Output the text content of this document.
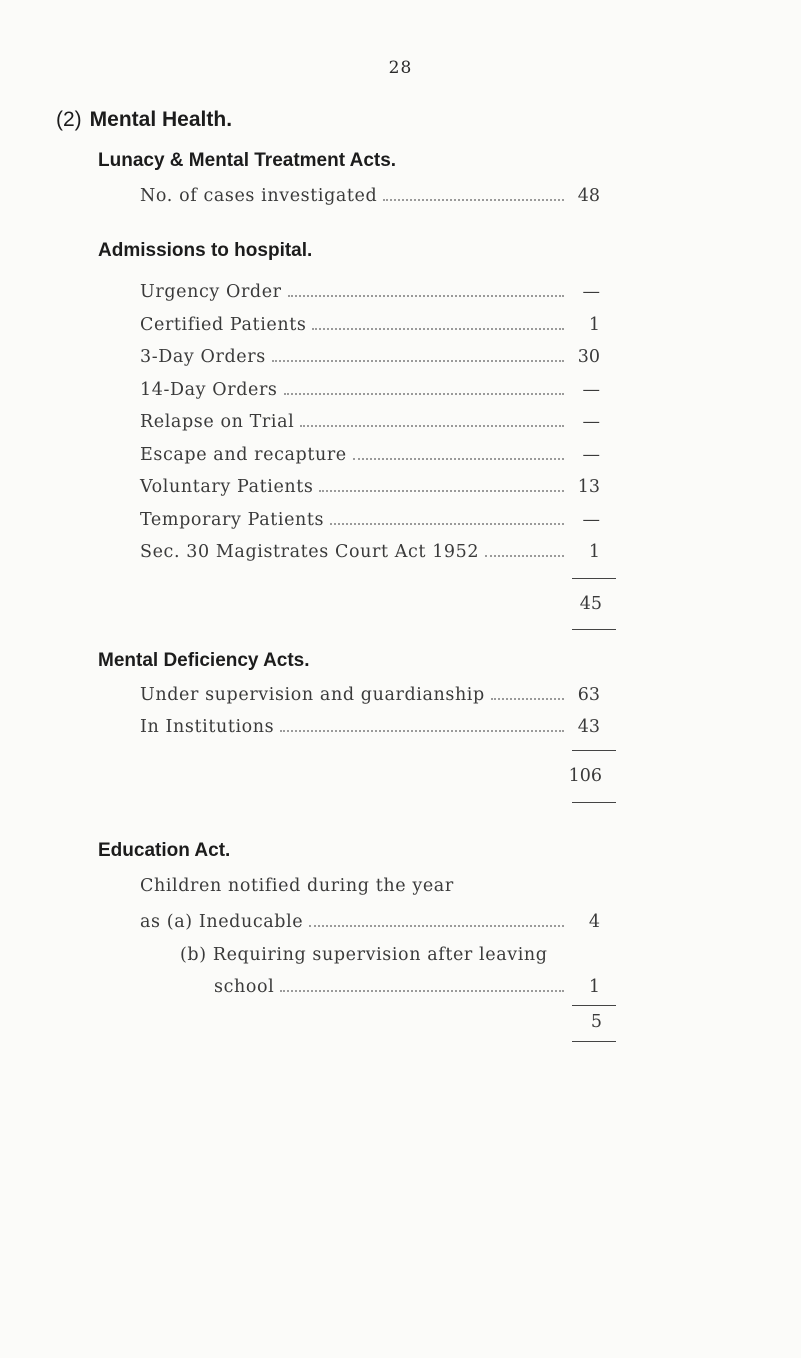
28
(2) Mental Health.
Lunacy & Mental Treatment Acts.
No. of cases investigated	48
Admissions to hospital.
Urgency Order	—
Certified Patients	1
3-Day Orders	30
14-Day Orders	—
Relapse on Trial	—
Escape and recapture	—
Voluntary Patients	13
Temporary Patients	—
Sec. 30 Magistrates Court Act 1952	1
45
Mental Deficiency Acts.
Under supervision and guardianship	63
In Institutions	43
106
Education Act.
Children notified during the year
as (a) Ineducable	4
(b) Requiring supervision after leaving
school	1
5
